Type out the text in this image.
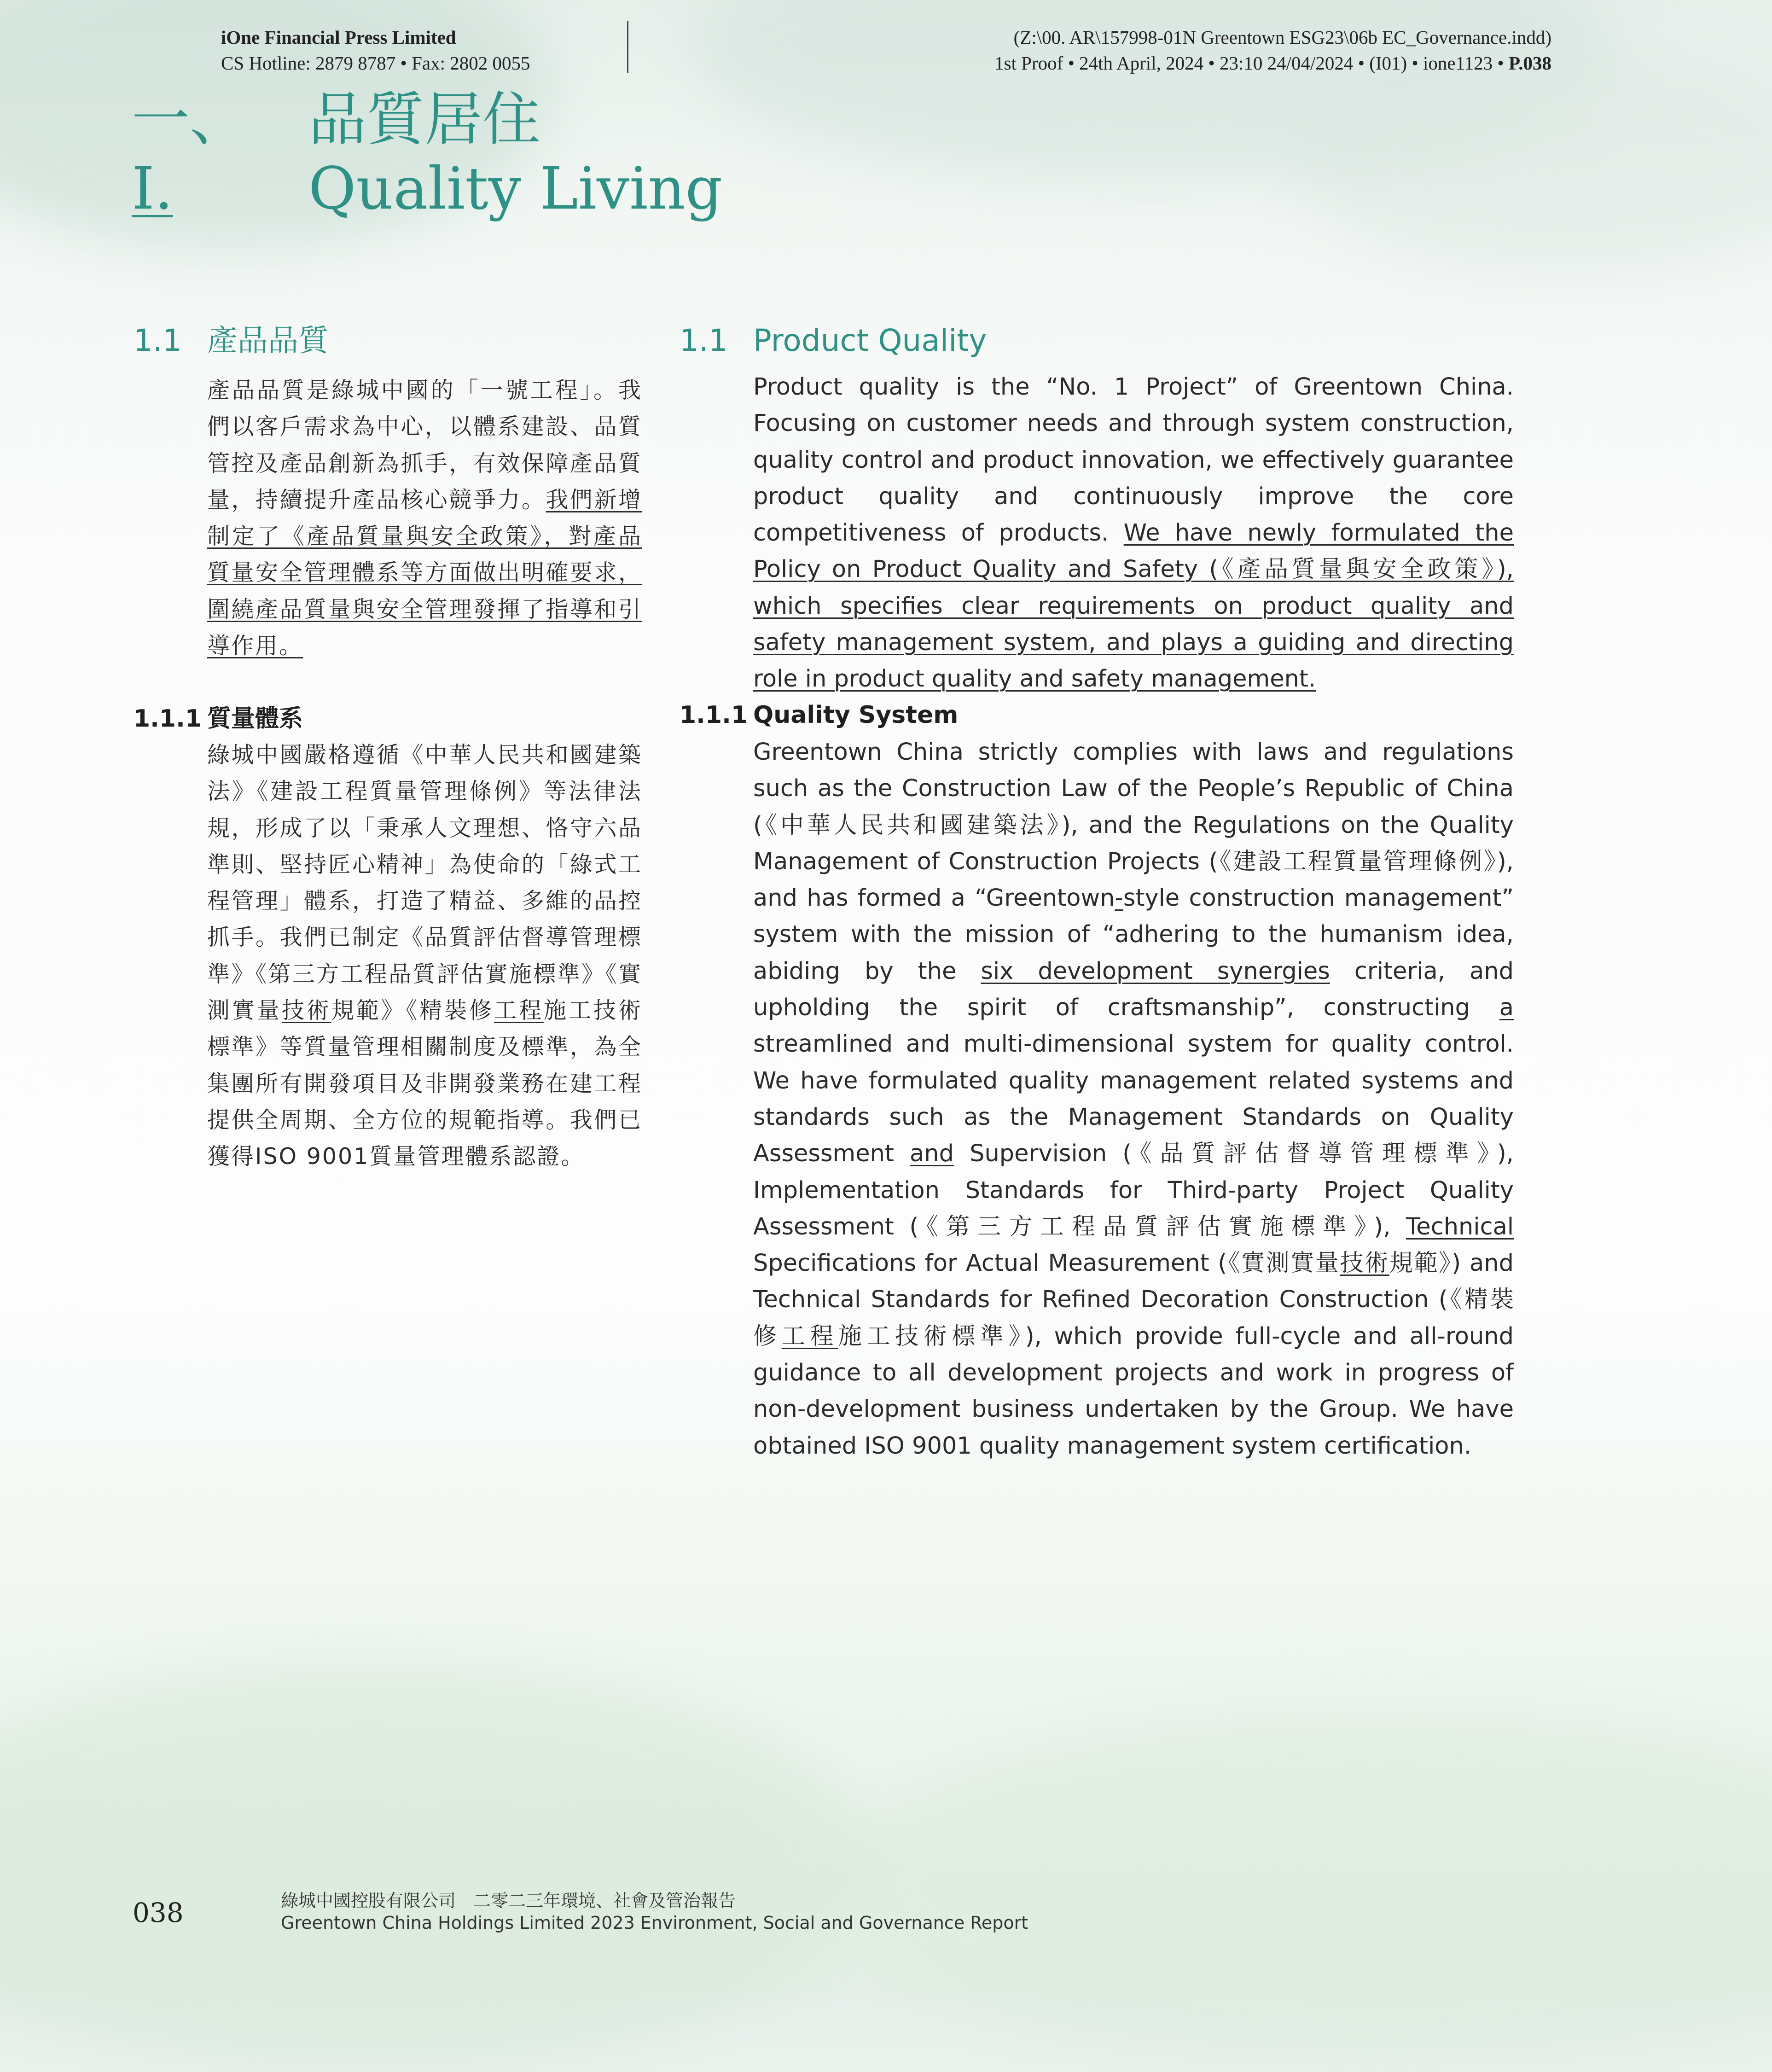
iOne Financial Press Limited
CS Hotline: 2879 8787 • Fax: 2802 0055
(Z:\00. AR\157998-01N Greentown ESG23\06b EC_Governance.indd)
1st Proof • 24th April, 2024 • 23:10 24/04/2024 • (I01) • ione1123 • P.038
一、 品質居住
I. Quality Living
1.1 產品品質
產品品質是綠城中國的「一號工程」。我們以客戶需求為中心，以體系建設、品質管控及產品創新為抓手，有效保障產品質量，持續提升產品核心競爭力。我們新增制定了《產品質量與安全政策》，對產品質量安全管理體系等方面做出明確要求，圍繞產品質量與安全管理發揮了指導和引導作用。
1.1.1 質量體系
綠城中國嚴格遵循《中華人民共和國建築法》《建設工程質量管理條例》等法律法規，形成了以「秉承人文理想、恪守六品準則、堅持匠心精神」為使命的「綠式工程管理」體系，打造了精益、多維的品控抓手。我們已制定《品質評估督導管理標準》《第三方工程品質評估實施標準》《實測實量技術規範》《精裝修工程施工技術標準》等質量管理相關制度及標準，為全集團所有開發項目及非開發業務在建工程提供全周期、全方位的規範指導。我們已獲得ISO 9001質量管理體系認證。
1.1 Product Quality
Product quality is the “No. 1 Project” of Greentown China. Focusing on customer needs and through system construction, quality control and product innovation, we effectively guarantee product quality and continuously improve the core competitiveness of products. We have newly formulated the Policy on Product Quality and Safety (《產品質量與安全政策》), which specifies clear requirements on product quality and safety management system, and plays a guiding and directing role in product quality and safety management.
1.1.1 Quality System
Greentown China strictly complies with laws and regulations such as the Construction Law of the People’s Republic of China (《中華人民共和國建築法》), and the Regulations on the Quality Management of Construction Projects (《建設工程質量管理條例》), and has formed a “Greentown-style construction management” system with the mission of “adhering to the humanism idea, abiding by the six development synergies criteria, and upholding the spirit of craftsmanship”, constructing a streamlined and multi-dimensional system for quality control. We have formulated quality management related systems and standards such as the Management Standards on Quality Assessment and Supervision (《品質評估督導管理標準》), Implementation Standards for Third-party Project Quality Assessment (《第三方工程品質評估實施標準》), Technical Specifications for Actual Measurement (《實測實量技術規範》) and Technical Standards for Refined Decoration Construction (《精裝修工程施工技術標準》), which provide full-cycle and all-round guidance to all development projects and work in progress of non-development business undertaken by the Group. We have obtained ISO 9001 quality management system certification.
038	綠城中國控股有限公司　二零二三年環境、社會及管治報告
Greentown China Holdings Limited 2023 Environment, Social and Governance Report
